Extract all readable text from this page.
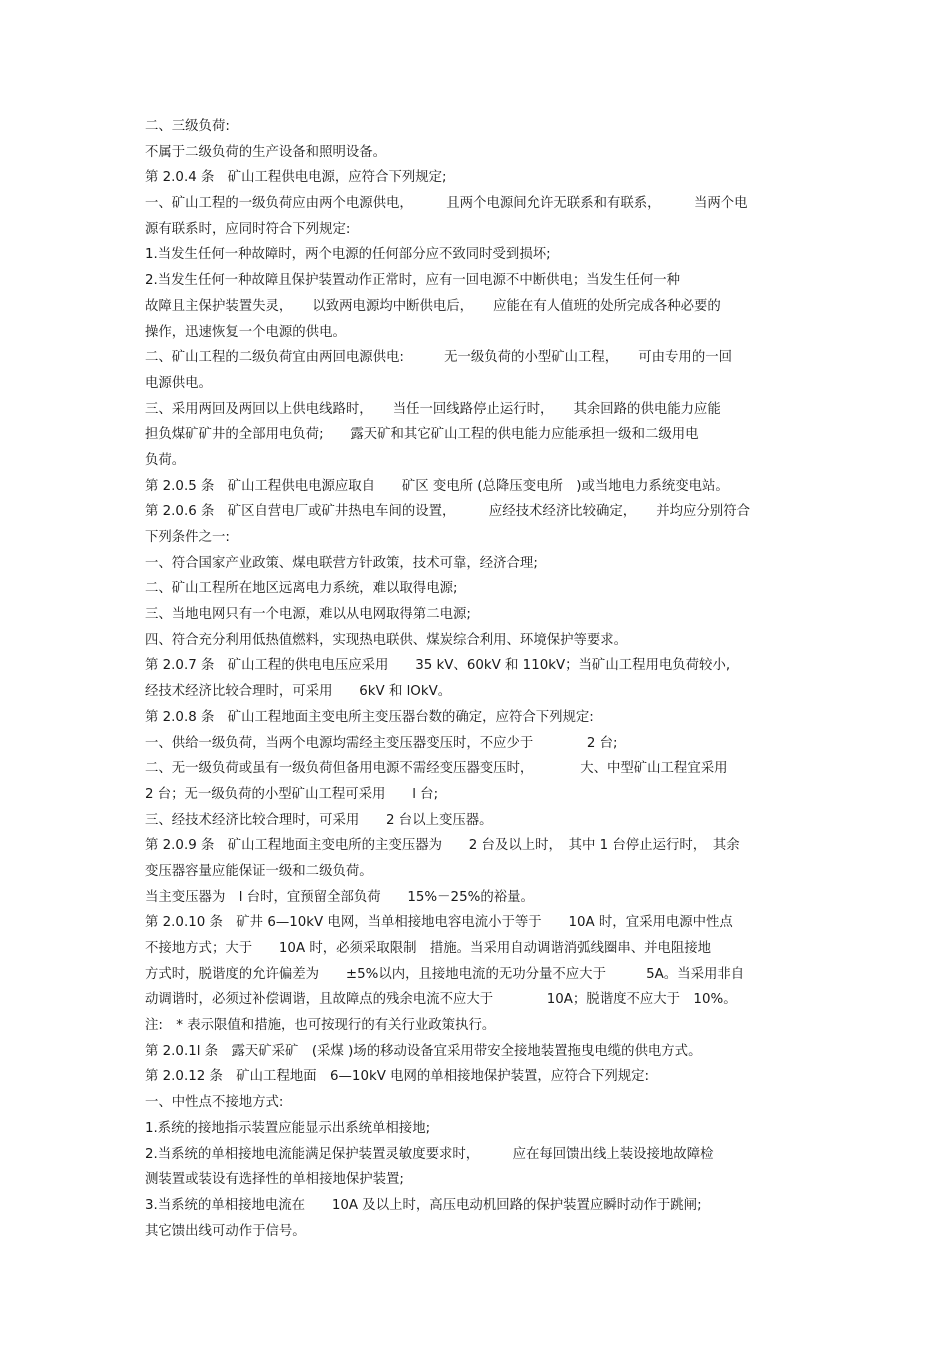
二、三级负荷:
不属于二级负荷的生产设备和照明设备。
第 2.0.4 条　矿山工程供电电源，应符合下列规定;
一、矿山工程的一级负荷应由两个电源供电，　　　且两个电源间允许无联系和有联系，　　　当两个电
源有联系时，应同时符合下列规定:
1.当发生任何一种故障时，两个电源的任何部分应不致同时受到损坏;
2.当发生任何一种故障且保护装置动作正常时，应有一回电源不中断供电；当发生任何一种
故障且主保护装置失灵，　　以致两电源均中断供电后，　　应能在有人值班的处所完成各种必要的
操作，迅速恢复一个电源的供电。
二、矿山工程的二级负荷宜由两回电源供电:　　　无一级负荷的小型矿山工程，　　可由专用的一回
电源供电。
三、采用两回及两回以上供电线路时，　　当任一回线路停止运行时，　　其余回路的供电能力应能
担负煤矿矿井的全部用电负荷;　　露天矿和其它矿山工程的供电能力应能承担一级和二级用电
负荷。
第 2.0.5 条　矿山工程供电电源应取自　　矿区 变电所 (总降压变电所　)或当地电力系统变电站。
第 2.0.6 条　矿区自营电厂或矿井热电车间的设置，　　　应经技术经济比较确定，　　并均应分别符合
下列条件之一:
一、符合国家产业政策、煤电联营方针政策，技术可靠，经济合理;
二、矿山工程所在地区远离电力系统，难以取得电源;
三、当地电网只有一个电源，难以从电网取得第二电源;
四、符合充分利用低热值燃料，实现热电联供、煤炭综合利用、环境保护等要求。
第 2.0.7 条　矿山工程的供电电压应采用　　35 kV、60kV 和 110kV；当矿山工程用电负荷较小,
经技术经济比较合理时，可采用　　6kV 和 lOkV。
第 2.0.8 条　矿山工程地面主变电所主变压器台数的确定，应符合下列规定:
一、供给一级负荷，当两个电源均需经主变压器变压时，不应少于　　　　2 台;
二、无一级负荷或虽有一级负荷但备用电源不需经变压器变压时，　　　　大、中型矿山工程宜采用
2 台；无一级负荷的小型矿山工程可采用　　l 台;
三、经技术经济比较合理时，可采用　　2 台以上变压器。
第 2.0.9 条　矿山工程地面主变电所的主变压器为　　2 台及以上时，　其中 1 台停止运行时，　其余
变压器容量应能保证一级和二级负荷。
当主变压器为　l 台时，宜预留全部负荷　　15%－25%的裕量。
第 2.0.10 条　矿井 6—10kV 电网，当单相接地电容电流小于等于　　10A 时，宜采用电源中性点
不接地方式；大于　　10A 时，必须采取限制　措施。当采用自动调谐消弧线圈串、并电阻接地
方式时，脱谐度的允许偏差为　　±5%以内，且接地电流的无功分量不应大于　　　5A。当采用非自
动调谐时，必须过补偿调谐，且故障点的残余电流不应大于　　　　10A；脱谐度不应大于　10%。
注:　* 表示限值和措施，也可按现行的有关行业政策执行。
第 2.0.1l 条　露天矿采矿　(采煤 )场的移动设备宜采用带安全接地装置拖曳电缆的供电方式。
第 2.0.12 条　矿山工程地面　6—10kV 电网的单相接地保护装置，应符合下列规定:
一、中性点不接地方式:
1.系统的接地指示装置应能显示出系统单相接地;
2.当系统的单相接地电流能满足保护装置灵敏度要求时，　　　应在每回馈出线上装设接地故障检
测装置或装设有选择性的单相接地保护装置;
3.当系统的单相接地电流在　　10A 及以上时，高压电动机回路的保护装置应瞬时动作于跳闸;
其它馈出线可动作于信号。
